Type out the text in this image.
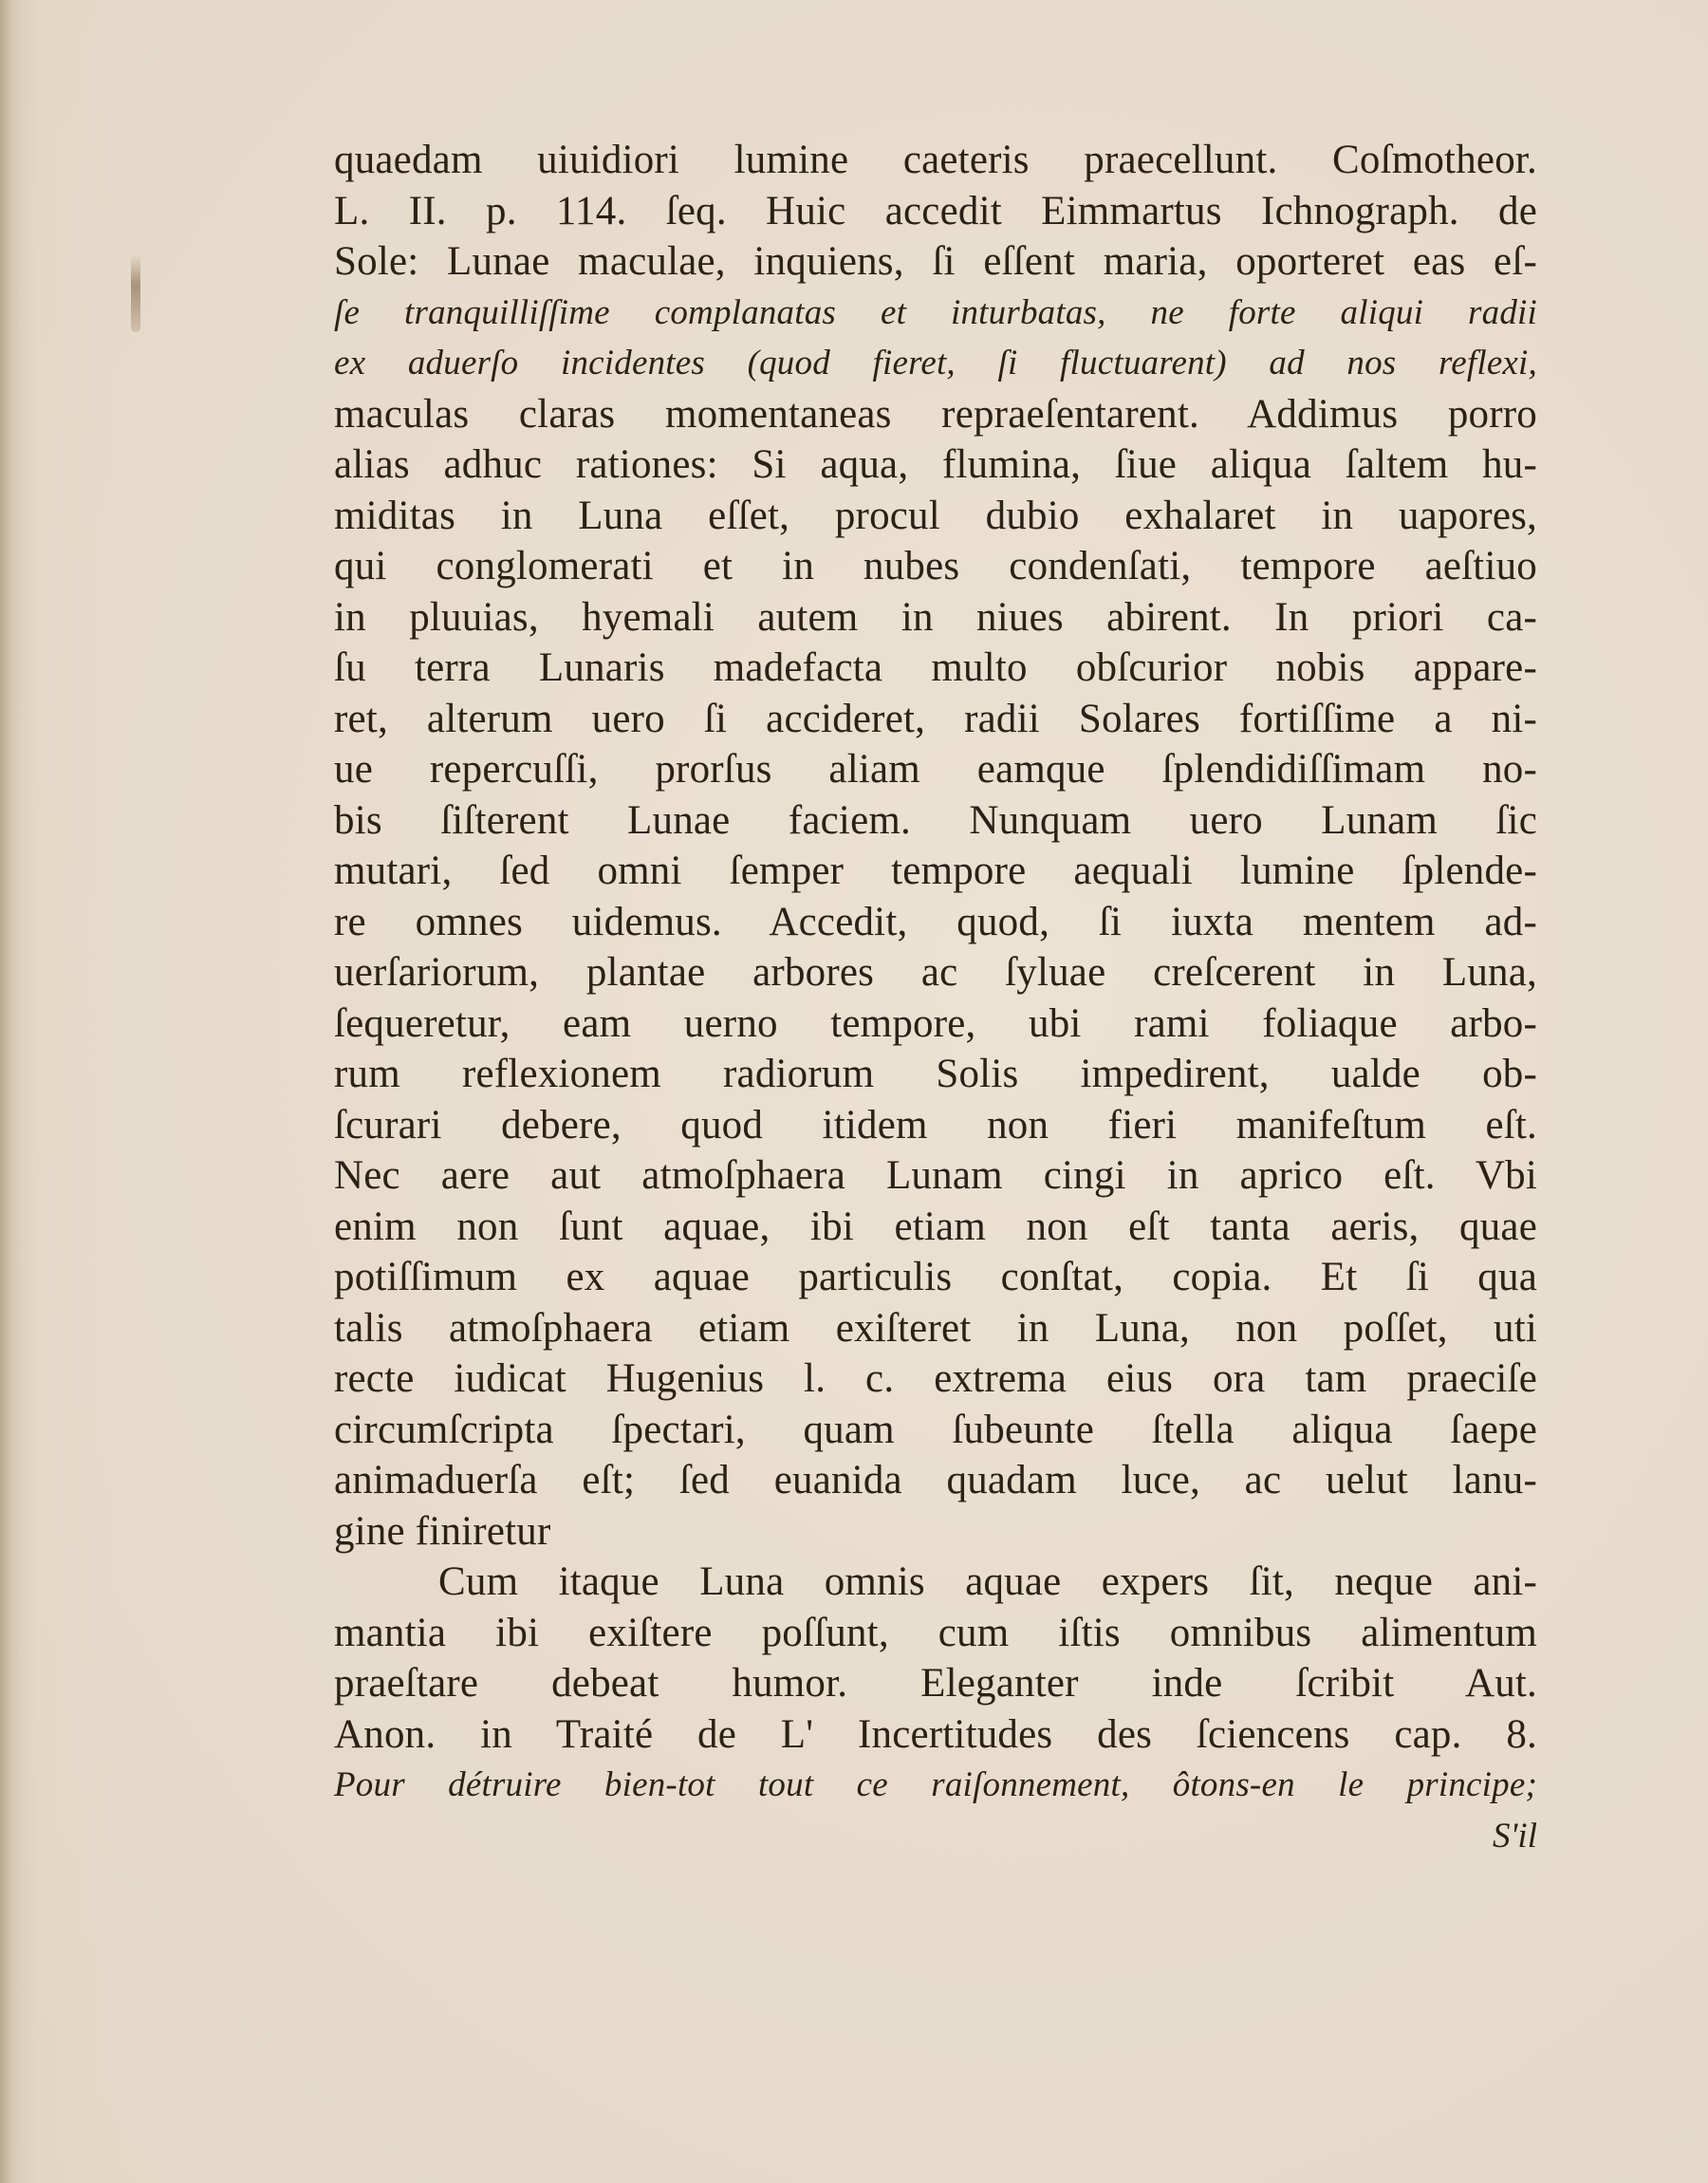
quaedam uiuidiori lumine caeteris praecellunt. Coſmotheor.
L. II. p. 114. ſeq. Huic accedit Eimmartus Ichnograph. de
Sole: Lunae maculae, inquiens, ſi eſſent maria, oporteret eas eſ-
ſe tranquilliſſime complanatas et inturbatas, ne forte aliqui radii
ex aduerſo incidentes (quod fieret, ſi fluctuarent) ad nos reflexi,
maculas claras momentaneas repraeſentarent. Addimus porro
alias adhuc rationes: Si aqua, flumina, ſiue aliqua ſaltem hu-
miditas in Luna eſſet, procul dubio exhalaret in uapores,
qui conglomerati et in nubes condenſati, tempore aeſtiuo
in pluuias, hyemali autem in niues abirent. In priori ca-
ſu terra Lunaris madefacta multo obſcurior nobis appare-
ret, alterum uero ſi accideret, radii Solares fortiſſime a ni-
ue repercuſſi, prorſus aliam eamque ſplendidiſſimam no-
bis ſiſterent Lunae faciem. Nunquam uero Lunam ſic
mutari, ſed omni ſemper tempore aequali lumine ſplende-
re omnes uidemus. Accedit, quod, ſi iuxta mentem ad-
uerſariorum, plantae arbores ac ſyluae creſcerent in Luna,
ſequeretur, eam uerno tempore, ubi rami foliaque arbo-
rum reflexionem radiorum Solis impedirent, ualde ob-
ſcurari debere, quod itidem non fieri manifeſtum eſt.
Nec aere aut atmoſphaera Lunam cingi in aprico eſt. Vbi
enim non ſunt aquae, ibi etiam non eſt tanta aeris, quae
potiſſimum ex aquae particulis conſtat, copia. Et ſi qua
talis atmoſphaera etiam exiſteret in Luna, non poſſet, uti
recte iudicat Hugenius l. c. extrema eius ora tam praeciſe
circumſcripta ſpectari, quam ſubeunte ſtella aliqua ſaepe
animaduerſa eſt; ſed euanida quadam luce, ac uelut lanu-
gine finiretur
Cum itaque Luna omnis aquae expers ſit, neque ani-
mantia ibi exiſtere poſſunt, cum iſtis omnibus alimentum
praeſtare debeat humor. Eleganter inde ſcribit Aut.
Anon. in Traité de L' Incertitudes des ſciencens cap. 8.
Pour détruire bien-tot tout ce raiſonnement, ôtons-en le principe;
S'il
